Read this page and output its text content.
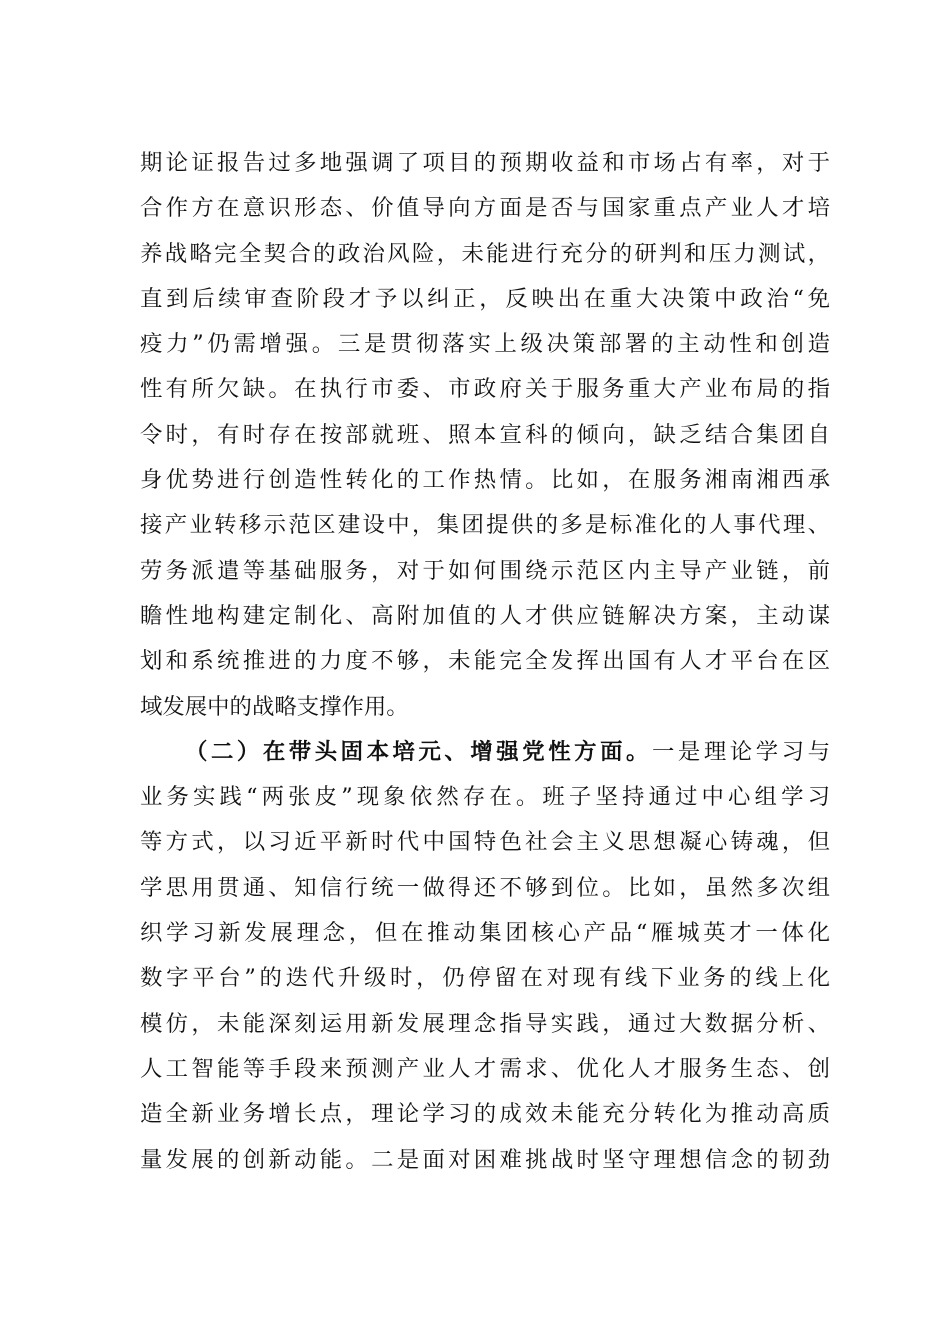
期论证报告过多地强调了项目的预期收益和市场占有率，对于
合作方在意识形态、价值导向方面是否与国家重点产业人才培
养战略完全契合的政治风险，未能进行充分的研判和压力测试，
直到后续审查阶段才予以纠正，反映出在重大决策中政治“免
疫力”仍需增强。三是贯彻落实上级决策部署的主动性和创造
性有所欠缺。在执行市委、市政府关于服务重大产业布局的指
令时，有时存在按部就班、照本宣科的倾向，缺乏结合集团自
身优势进行创造性转化的工作热情。比如，在服务湘南湘西承
接产业转移示范区建设中，集团提供的多是标准化的人事代理、
劳务派遣等基础服务，对于如何围绕示范区内主导产业链，前
瞻性地构建定制化、高附加值的人才供应链解决方案，主动谋
划和系统推进的力度不够，未能完全发挥出国有人才平台在区
域发展中的战略支撑作用。
（二）在带头固本培元、增强党性方面。一是理论学习与
业务实践“两张皮”现象依然存在。班子坚持通过中心组学习
等方式，以习近平新时代中国特色社会主义思想凝心铸魂，但
学思用贯通、知信行统一做得还不够到位。比如，虽然多次组
织学习新发展理念，但在推动集团核心产品“雁城英才一体化
数字平台”的迭代升级时，仍停留在对现有线下业务的线上化
模仿，未能深刻运用新发展理念指导实践，通过大数据分析、
人工智能等手段来预测产业人才需求、优化人才服务生态、创
造全新业务增长点，理论学习的成效未能充分转化为推动高质
量发展的创新动能。二是面对困难挑战时坚守理想信念的韧劲
